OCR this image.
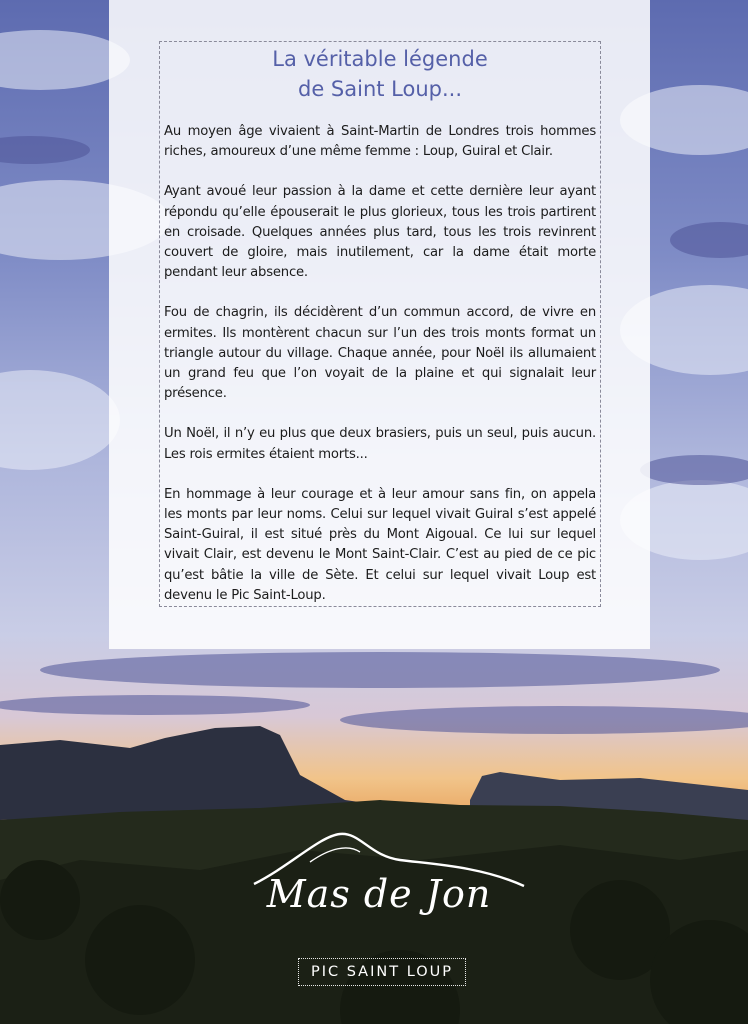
La véritable légende
de Saint Loup...

Au moyen âge vivaient à Saint-Martin de Londres trois hommes riches, amoureux d’une même femme : Loup, Guiral et Clair.

Ayant avoué leur passion à la dame et cette dernière leur ayant répondu qu’elle épouserait le plus glorieux, tous les trois partirent en croisade. Quelques années plus tard, tous les trois revinrent couvert de gloire, mais inutilement, car la dame était morte pendant leur absence.

Fou de chagrin, ils décidèrent d’un commun accord, de vivre en ermites. Ils montèrent chacun sur l’un des trois monts format un triangle autour du village. Chaque année, pour Noël ils allumaient un grand feu que l’on voyait de la plaine et qui signalait leur présence.

Un Noël, il n’y eu plus que deux brasiers, puis un seul, puis aucun. Les rois ermites étaient morts...

En hommage à leur courage et à leur amour sans fin, on appela les monts par leur noms. Celui sur lequel vivait Guiral s’est appelé Saint-Guiral, il est situé près du Mont Aigoual. Ce lui sur lequel vivait Clair, est devenu le Mont Saint-Clair. C’est au pied de ce pic qu’est bâtie la ville de Sète. Et celui sur lequel vivait Loup est devenu le Pic Saint-Loup.

Mas de Jon
PIC SAINT LOUP
